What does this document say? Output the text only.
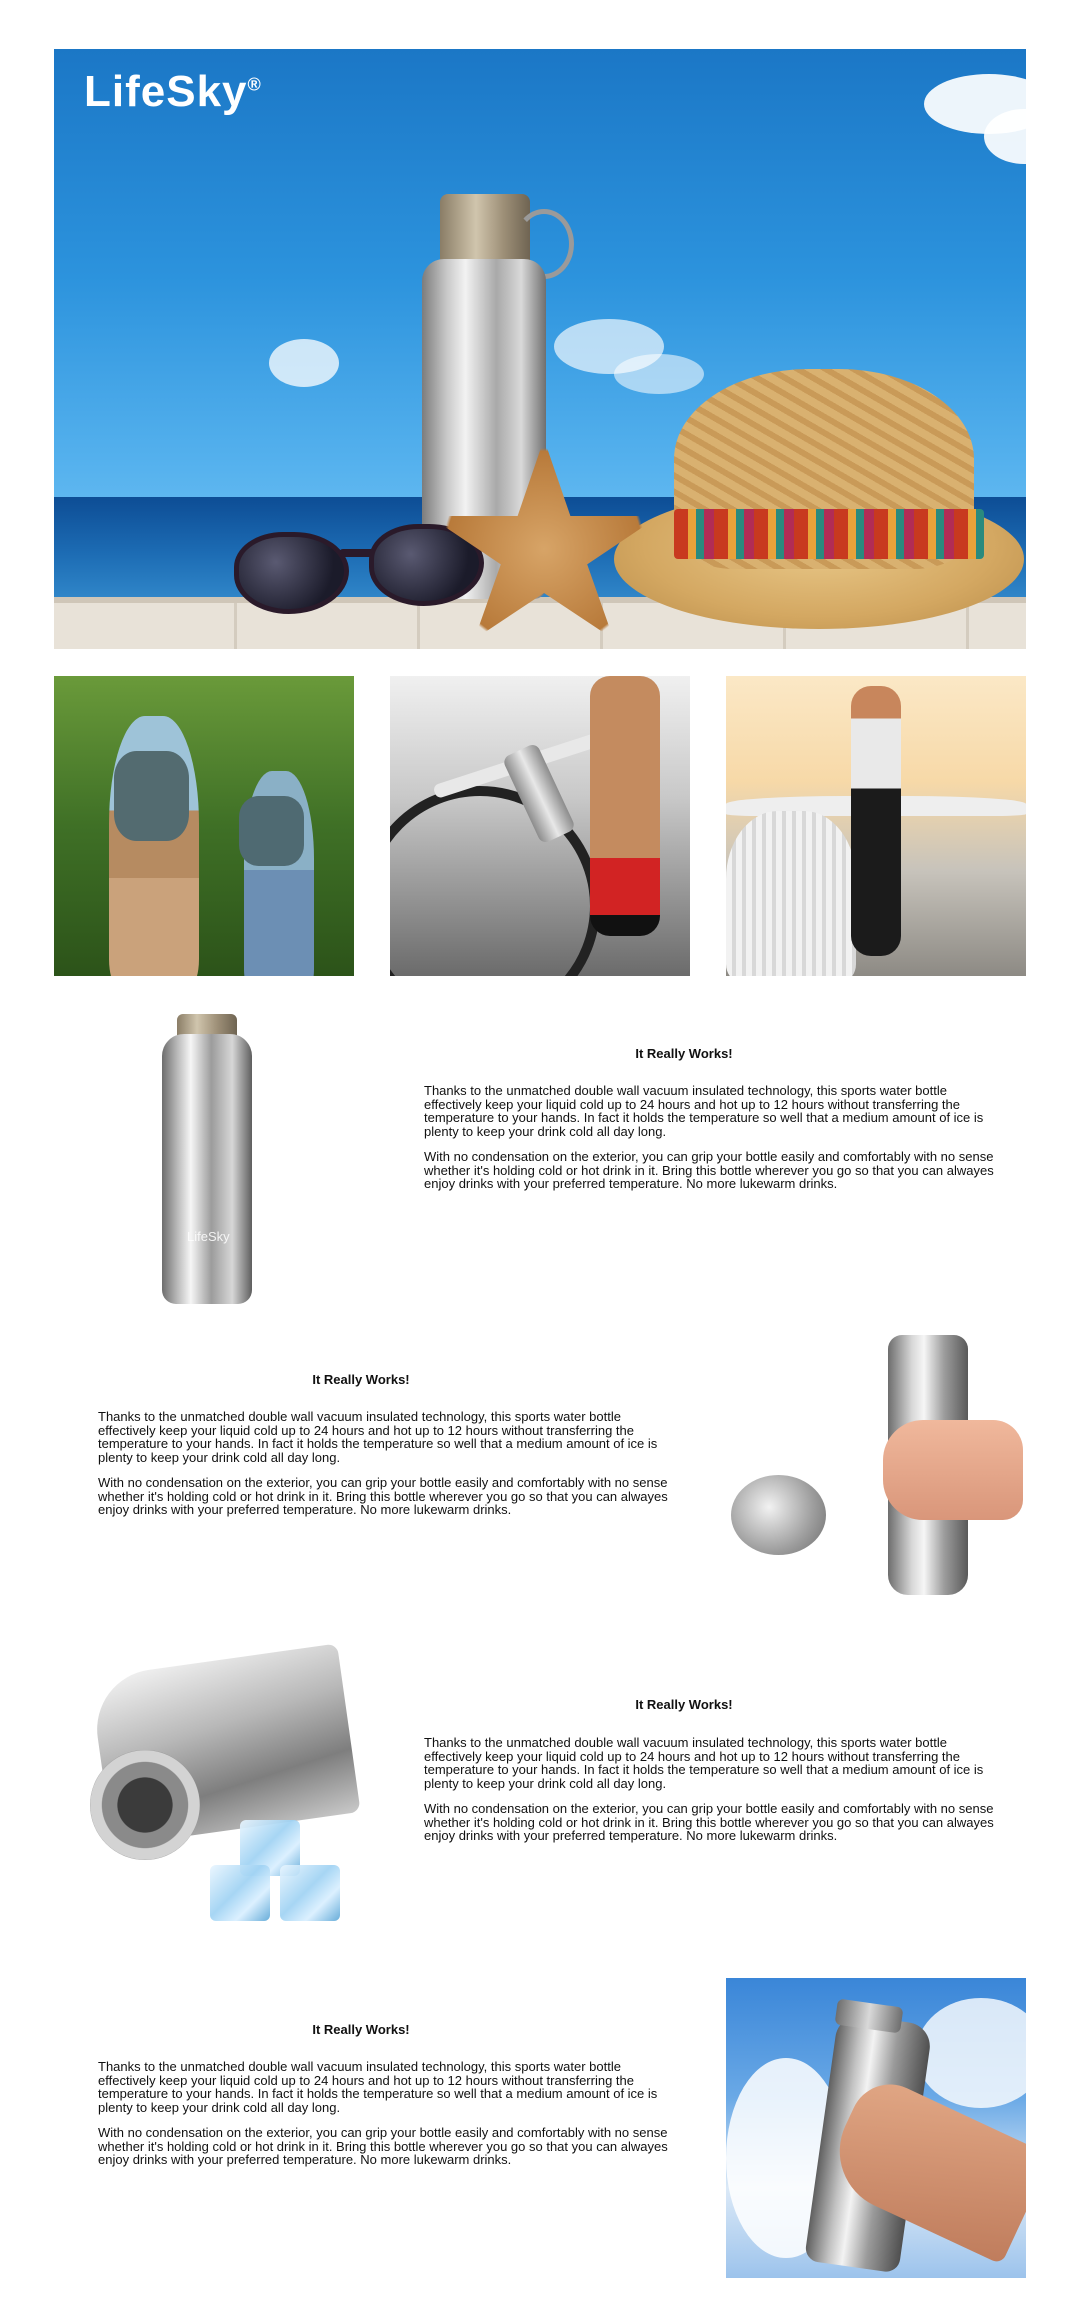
LifeSky®
LifeSky
It Really Works!

Thanks to the unmatched double wall vacuum insulated technology, this sports water bottle effectively keep your liquid cold up to 24 hours and hot up to 12 hours without transferring the temperature to your hands. In fact it holds the temperature so well that a medium amount of ice is plenty to keep your drink cold all day long.

With no condensation on the exterior, you can grip your bottle easily and comfortably with no sense whether it's holding cold or hot drink in it. Bring this bottle wherever you go so that you can alwayes enjoy drinks with your preferred temperature. No more lukewarm drinks.

It Really Works!

Thanks to the unmatched double wall vacuum insulated technology, this sports water bottle effectively keep your liquid cold up to 24 hours and hot up to 12 hours without transferring the temperature to your hands. In fact it holds the temperature so well that a medium amount of ice is plenty to keep your drink cold all day long.

With no condensation on the exterior, you can grip your bottle easily and comfortably with no sense whether it's holding cold or hot drink in it. Bring this bottle wherever you go so that you can alwayes enjoy drinks with your preferred temperature. No more lukewarm drinks.

It Really Works!

Thanks to the unmatched double wall vacuum insulated technology, this sports water bottle effectively keep your liquid cold up to 24 hours and hot up to 12 hours without transferring the temperature to your hands. In fact it holds the temperature so well that a medium amount of ice is plenty to keep your drink cold all day long.

With no condensation on the exterior, you can grip your bottle easily and comfortably with no sense whether it's holding cold or hot drink in it. Bring this bottle wherever you go so that you can alwayes enjoy drinks with your preferred temperature. No more lukewarm drinks.

It Really Works!

Thanks to the unmatched double wall vacuum insulated technology, this sports water bottle effectively keep your liquid cold up to 24 hours and hot up to 12 hours without transferring the temperature to your hands. In fact it holds the temperature so well that a medium amount of ice is plenty to keep your drink cold all day long.

With no condensation on the exterior, you can grip your bottle easily and comfortably with no sense whether it's holding cold or hot drink in it. Bring this bottle wherever you go so that you can alwayes enjoy drinks with your preferred temperature. No more lukewarm drinks.
